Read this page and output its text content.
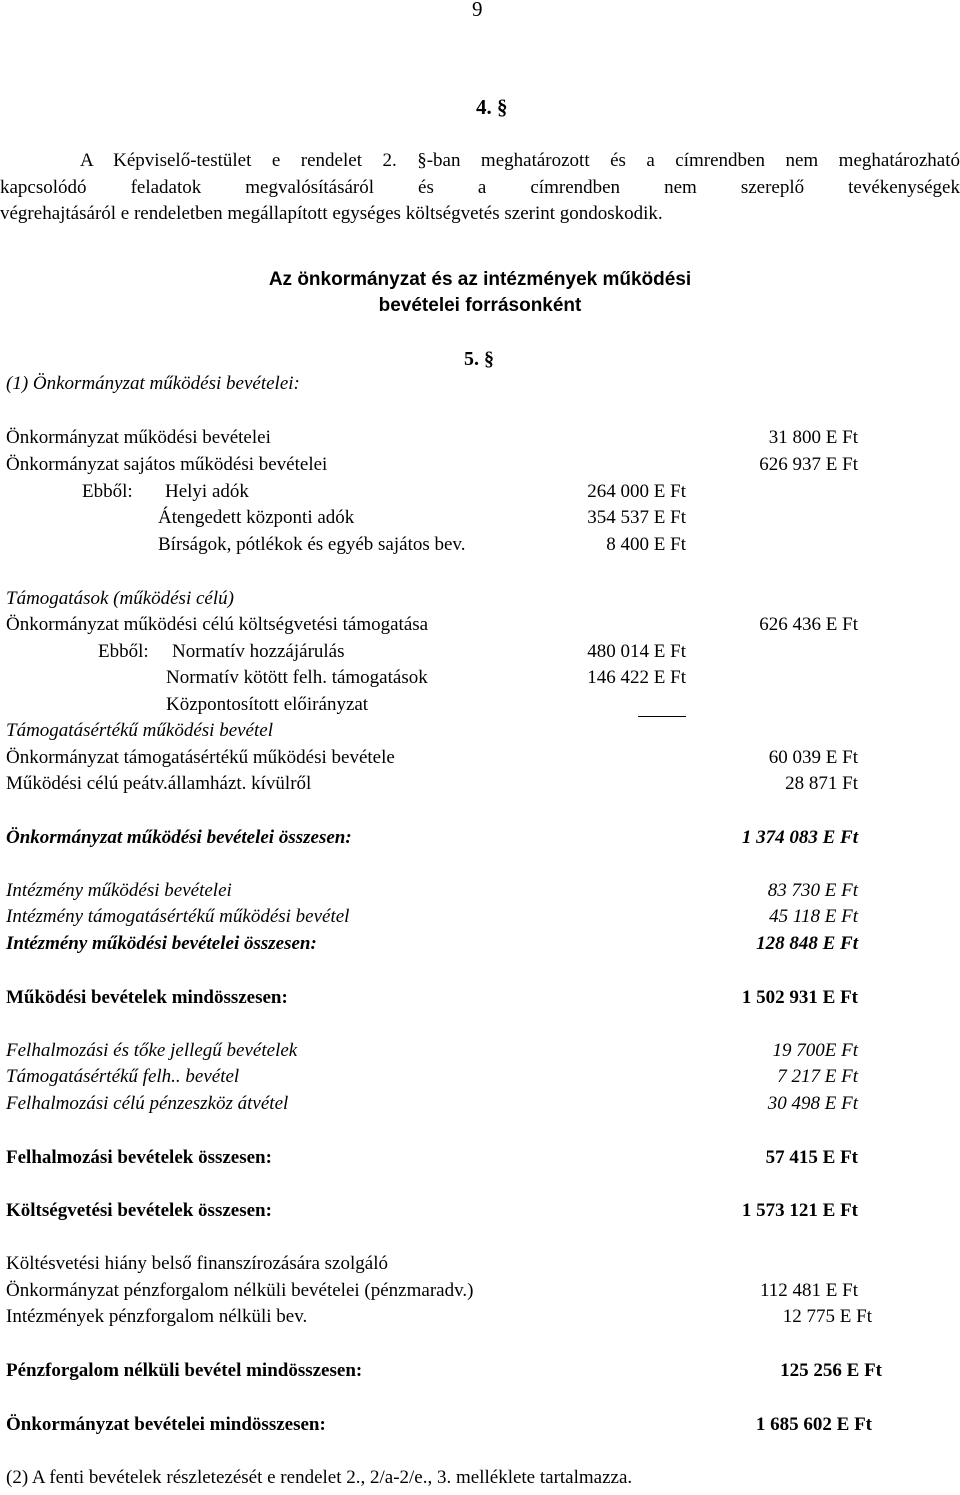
9
4. §
A Képviselő-testület e rendelet 2. §-ban meghatározott és a címrendben nem meghatározható
kapcsolódó feladatok megvalósításáról és a címrendben nem szereplő tevékenységek
végrehajtásáról e rendeletben megállapított egységes költségvetés szerint gondoskodik.
Az önkormányzat és az intézmények működési
bevételei forrásonként
5. §
(1) Önkormányzat működési bevételei:
Önkormányzat működési bevételei	31 800 E Ft
Önkormányzat sajátos működési bevételei	626 937 E Ft
Ebből: Helyi adók	264 000 E Ft
Átengedett központi adók	354 537 E Ft
Bírságok, pótlékok és egyéb sajátos bev.	8 400 E Ft
Támogatások (működési célú)
Önkormányzat működési célú költségvetési támogatása	626 436 E Ft
Ebből: Normatív hozzájárulás	480 014 E Ft
Normatív kötött felh. támogatások	146 422 E Ft
Központosított előirányzat
Támogatásértékű működési bevétel
Önkormányzat támogatásértékű működési bevétele	60 039 E Ft
Működési célú peátv.államházt. kívülről	28 871 Ft
Önkormányzat működési bevételei összesen:	1 374 083 E Ft
Intézmény működési bevételei	83 730 E Ft
Intézmény támogatásértékű működési bevétel	45 118 E Ft
Intézmény működési bevételei összesen:	128 848 E Ft
Működési bevételek mindösszesen:	1 502 931 E Ft
Felhalmozási és tőke jellegű bevételek	19 700E Ft
Támogatásértékű felh.. bevétel	7 217 E Ft
Felhalmozási célú pénzeszköz átvétel	30 498 E Ft
Felhalmozási bevételek összesen:	57 415 E Ft
Költségvetési bevételek összesen:	1 573 121 E Ft
Költésvetési hiány belső finanszírozására szolgáló
Önkormányzat pénzforgalom nélküli bevételei (pénzmaradv.)	112 481 E Ft
Intézmények pénzforgalom nélküli bev.	12 775 E Ft
Pénzforgalom nélküli bevétel mindösszesen:	125 256 E Ft
Önkormányzat bevételei mindösszesen:	1 685 602 E Ft
(2) A fenti bevételek részletezését e rendelet 2., 2/a-2/e., 3. melléklete tartalmazza.
